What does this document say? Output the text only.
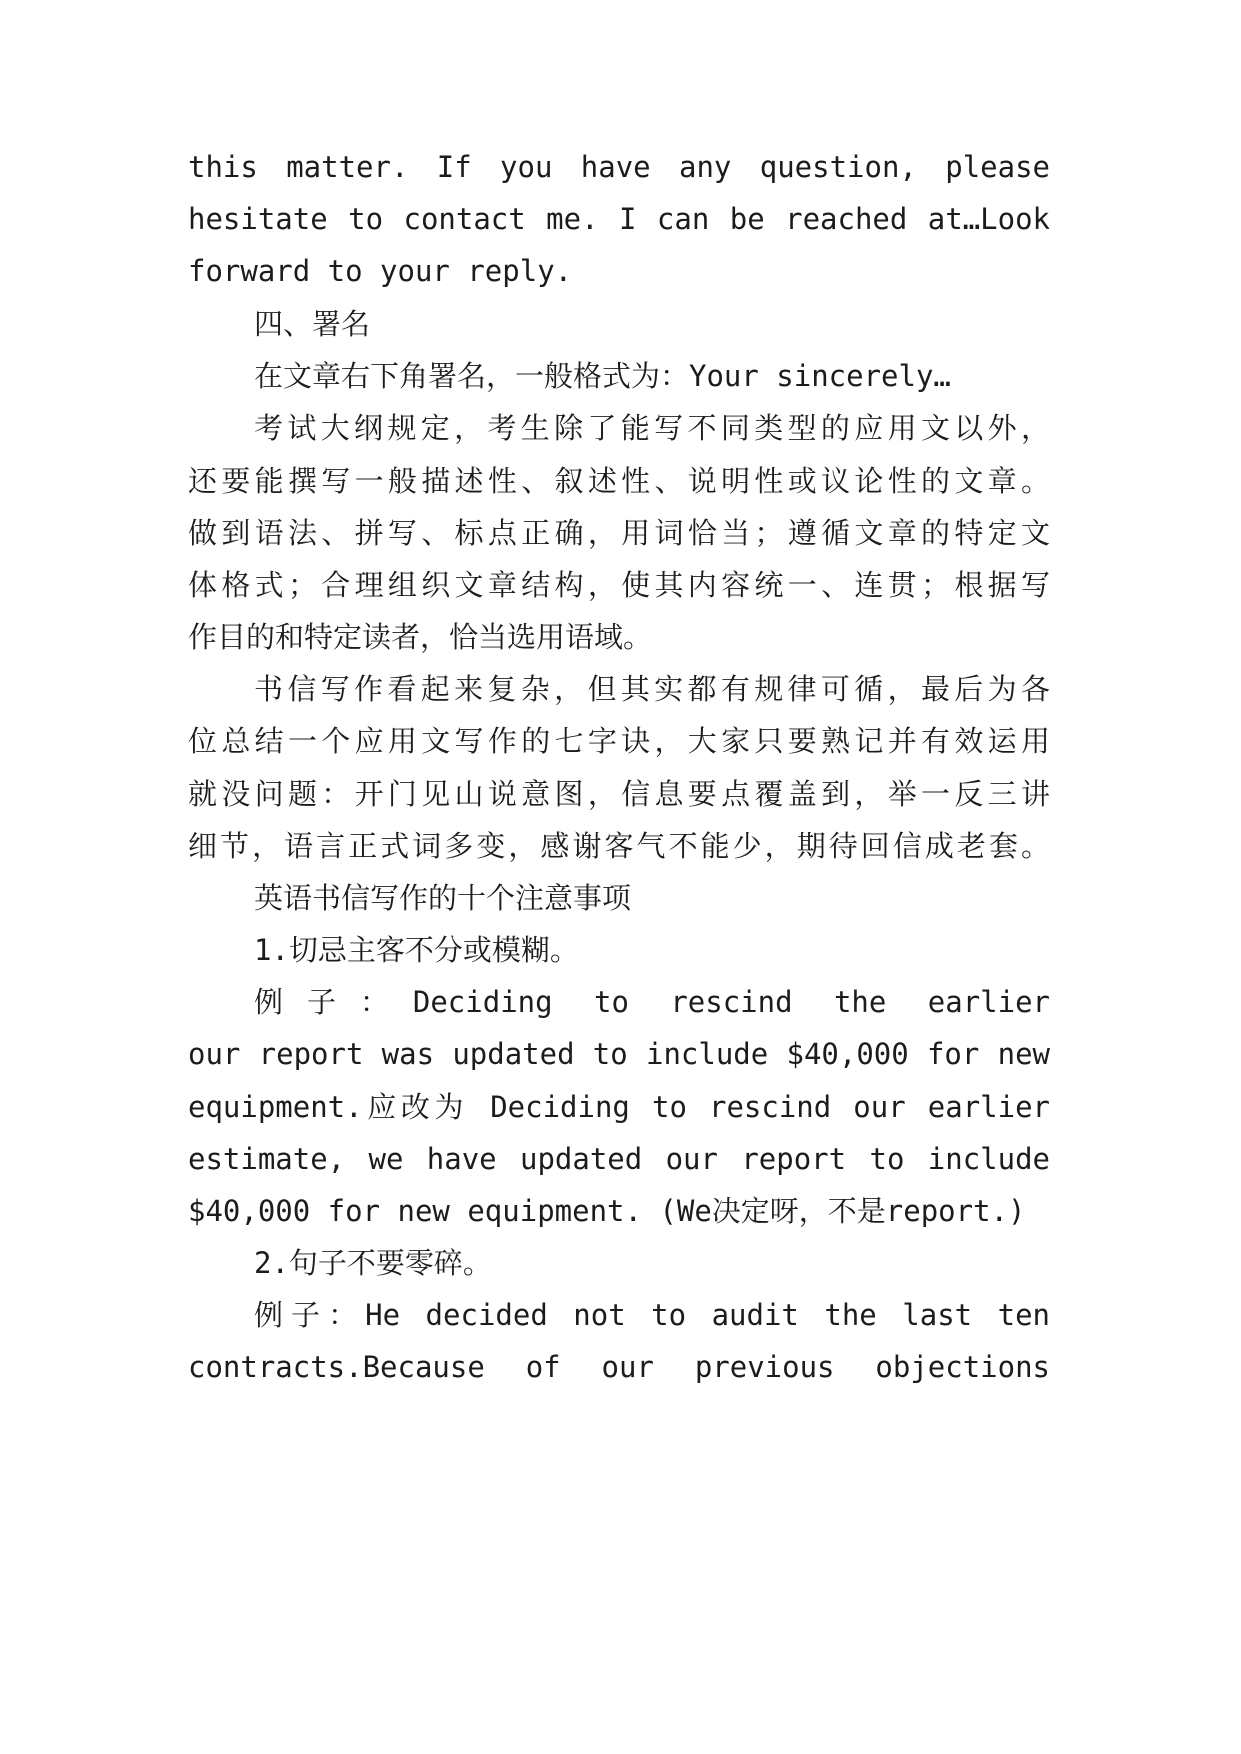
this matter. If you have any question, please
hesitate to contact me. I can be reached at…Look
forward to your reply.
四、署名
在文章右下角署名，一般格式为：Your sincerely…
考试大纲规定，考生除了能写不同类型的应用文以外，
还要能撰写一般描述性、叙述性、说明性或议论性的文章。
做到语法、拼写、标点正确，用词恰当；遵循文章的特定文
体格式；合理组织文章结构，使其内容统一、连贯；根据写
作目的和特定读者，恰当选用语域。
书信写作看起来复杂，但其实都有规律可循，最后为各
位总结一个应用文写作的七字诀，大家只要熟记并有效运用
就没问题：开门见山说意图，信息要点覆盖到，举一反三讲
细节，语言正式词多变，感谢客气不能少，期待回信成老套。
英语书信写作的十个注意事项
1.切忌主客不分或模糊。
例子：Deciding to rescind the earlier
our report was updated to include $40,000 for new
equipment.应改为 Deciding to rescind our earlier
estimate, we have updated our report to include
$40,000 for new equipment. (We决定呀，不是report.)
2.句子不要零碎。
例子：He decided not to audit the last ten
contracts.Because of our previous objections
